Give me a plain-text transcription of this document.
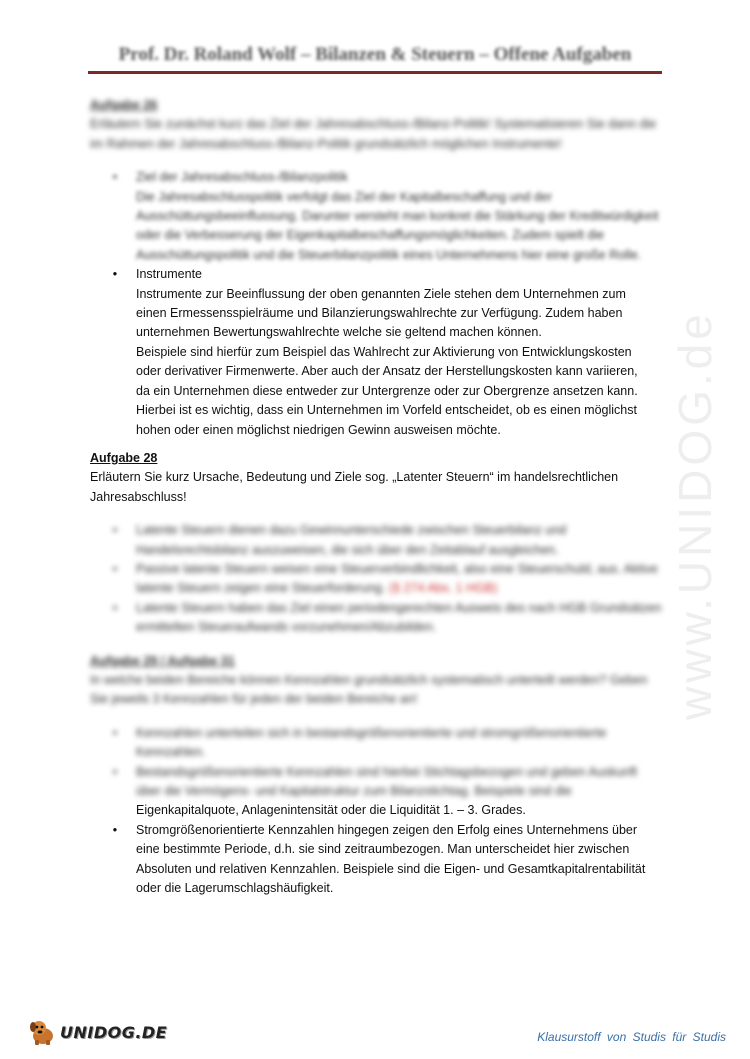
Prof. Dr. Roland Wolf – Bilanzen & Steuern – Offene Aufgaben
www.UNIDOG.de
Aufgabe 26

Erläutern Sie zunächst kurz das Ziel der Jahresabschluss-/Bilanz-Politik! Systematisieren Sie dann die im Rahmen der Jahresabschluss-/Bilanz-Politik grundsätzlich möglichen Instrumente!

• Ziel der Jahresabschluss-/Bilanzpolitik
Die Jahresabschlusspolitik verfolgt das Ziel der Kapitalbeschaffung und der
Ausschüttungsbeeinflussung. Darunter versteht man konkret die Stärkung der Kreditwürdigkeit
oder die Verbesserung der Eigenkapitalbeschaffungsmöglichkeiten. Zudem spielt die
Ausschüttungspolitik und die Steuerbilanzpolitik eines Unternehmens hier eine große Rolle.
• Instrumente
Instrumente zur Beeinflussung der oben genannten Ziele stehen dem Unternehmen zum
einen Ermessensspielräume und Bilanzierungswahlrechte zur Verfügung. Zudem haben
unternehmen Bewertungswahlrechte welche sie geltend machen können.
Beispiele sind hierfür zum Beispiel das Wahlrecht zur Aktivierung von Entwicklungskosten
oder derivativer Firmenwerte. Aber auch der Ansatz der Herstellungskosten kann variieren,
da ein Unternehmen diese entweder zur Untergrenze oder zur Obergrenze ansetzen kann.
Hierbei ist es wichtig, dass ein Unternehmen im Vorfeld entscheidet, ob es einen möglichst
hohen oder einen möglichst niedrigen Gewinn ausweisen möchte.
Aufgabe 28
Erläutern Sie kurz Ursache, Bedeutung und Ziele sog. „Latenter Steuern“ im handelsrechtlichen
Jahresabschluss!
• Latente Steuern dienen dazu Gewinnunterschiede zwischen Steuerbilanz und
Handelsrechtsbilanz auszuweisen, die sich über den Zeitablauf ausgleichen.
• Passive latente Steuern weisen eine Steuerverbindlichkeit, also eine Steuerschuld, aus. Aktive
latente Steuern zeigen eine Steuerforderung. (§ 274 Abs. 1 HGB)
• Latente Steuern haben das Ziel einen periodengerechten Ausweis des nach HGB Grundsätzen
ermittelten Steueraufwands vorzunehmen/Abzubilden.
Aufgabe 29 / Aufgabe 31

In welche beiden Bereiche können Kennzahlen grundsätzlich systematisch unterteilt werden? Geben Sie jeweils 3 Kennzahlen für jeden der beiden Bereiche an!

• Kennzahlen unterteilen sich in bestandsgrößenorientierte und stromgrößenorientierte
Kennzahlen.
• Bestandsgrößenorientierte Kennzahlen sind hierbei Stichtagsbezogen und geben Auskunft
über die Vermögens- und Kapitalstruktur zum Bilanzstichtag. Beispiele sind die
Eigenkapitalquote, Anlagenintensität oder die Liquidität 1. – 3. Grades.
• Stromgrößenorientierte Kennzahlen hingegen zeigen den Erfolg eines Unternehmens über
eine bestimmte Periode, d.h. sie sind zeitraumbezogen. Man unterscheidet hier zwischen
Absoluten und relativen Kennzahlen. Beispiele sind die Eigen- und Gesamtkapitalrentabilität
oder die Lagerumschlagshäufigkeit.
UNIDOG.DE	Klausurstoff von Studis für Studis
